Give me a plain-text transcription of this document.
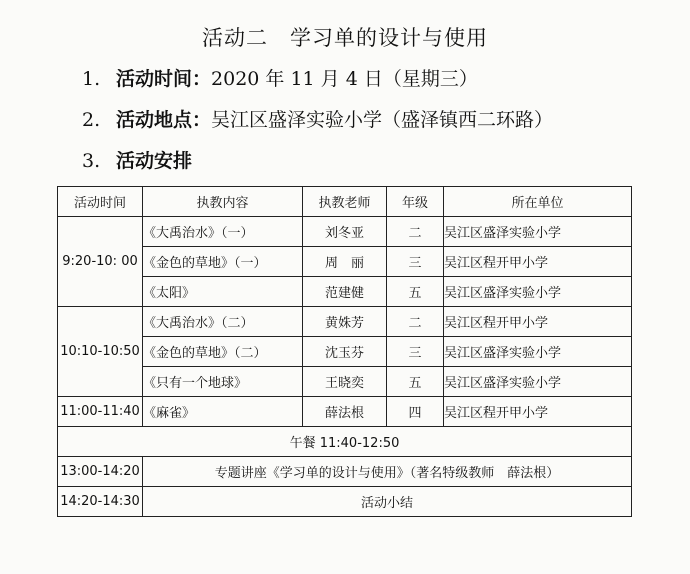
活动二　学习单的设计与使用
1. 活动时间：2020 年 11 月 4 日（星期三）
2. 活动地点：吴江区盛泽实验小学（盛泽镇西二环路）
3. 活动安排
活动时间	执教内容	执教老师	年级	所在单位
9:20-10: 00	《大禹治水》（一）	刘冬亚	二	吴江区盛泽实验小学
	《金色的草地》（一）	周　丽	三	吴江区程开甲小学
	《太阳》	范建健	五	吴江区盛泽实验小学
10:10-10:50	《大禹治水》（二）	黄姝芳	二	吴江区程开甲小学
	《金色的草地》（二）	沈玉芬	三	吴江区盛泽实验小学
	《只有一个地球》	王晓奕	五	吴江区盛泽实验小学
11:00-11:40	《麻雀》	薛法根	四	吴江区程开甲小学
午餐 11:40-12:50				
13:00-14:20	专题讲座《学习单的设计与使用》（著名特级教师　薛法根）			
14:20-14:30	活动小结			
